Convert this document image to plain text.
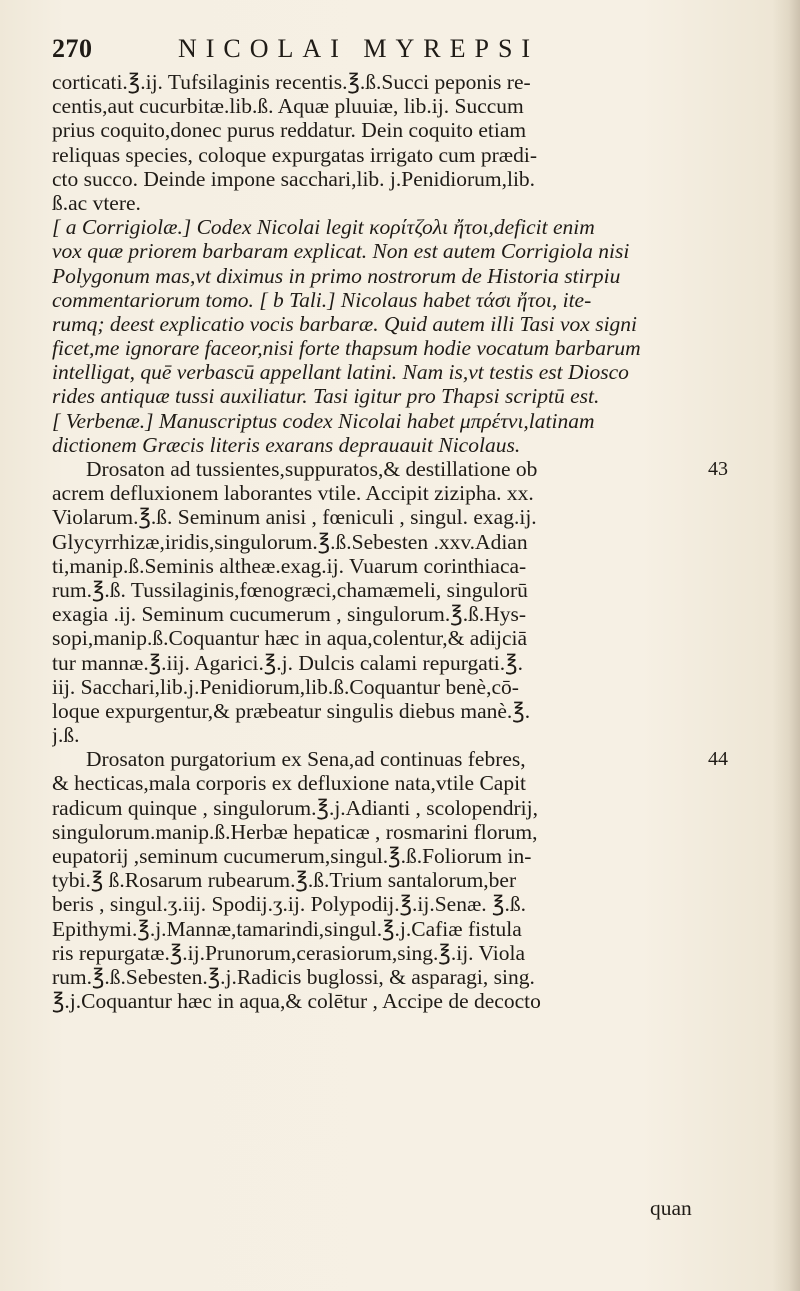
270	NICOLAI MYREPSI
corticati.℥.ij. Tufsilaginis recentis.℥.ß.Succi peponis re-
centis,aut cucurbitæ.lib.ß. Aquæ pluuiæ, lib.ij. Succum
prius coquito,donec purus reddatur. Dein coquito etiam
reliquas species, coloque expurgatas irrigato cum prædi-
cto succo. Deinde impone sacchari,lib. j.Penidiorum,lib.
ß.ac vtere.
[ a Corrigiolæ.] Codex Nicolai legit κορίτζολι ἤτοι,deficit enim
vox quæ priorem barbaram explicat. Non est autem Corrigiola nisi
Polygonum mas,vt diximus in primo nostrorum de Historia stirpiu
commentariorum tomo. [ b Tali.] Nicolaus habet τάσι ἤτοι, ite-
rumq; deest explicatio vocis barbaræ. Quid autem illi Tasi vox signi
ficet,me ignorare faceor,nisi forte thapsum hodie vocatum barbarum
intelligat, quē verbascū appellant latini. Nam is,vt testis est Diosco
rides antiquæ tussi auxiliatur. Tasi igitur pro Thapsi scriptū est.
[ Verbenæ.] Manuscriptus codex Nicolai habet μπρέτνι,latinam
dictionem Græcis literis exarans deprauauit Nicolaus.
Drosaton ad tussientes,suppuratos,& destillatione ob	43
acrem defluxionem laborantes vtile. Accipit zizipha. xx.
Violarum.℥.ß. Seminum anisi , fœniculi , singul. exag.ij.
Glycyrrhizæ,iridis,singulorum.℥.ß.Sebesten .xxv.Adian
ti,manip.ß.Seminis altheæ.exag.ij. Vuarum corinthiaca-
rum.℥.ß. Tussilaginis,fœnogræci,chamæmeli, singulorū
exagia .ij. Seminum cucumerum , singulorum.℥.ß.Hys-
sopi,manip.ß.Coquantur hæc in aqua,colentur,& adijciā
tur mannæ.℥.iij. Agarici.℥.j. Dulcis calami repurgati.℥.
iij. Sacchari,lib.j.Penidiorum,lib.ß.Coquantur benè,cō-
loque expurgentur,& præbeatur singulis diebus manè.℥.
j.ß.
Drosaton purgatorium ex Sena,ad continuas febres,	44
& hecticas,mala corporis ex defluxione nata,vtile Capit
radicum quinque , singulorum.℥.j.Adianti , scolopendrij,
singulorum.manip.ß.Herbæ hepaticæ , rosmarini florum,
eupatorij ,seminum cucumerum,singul.℥.ß.Foliorum in-
tybi.℥ ß.Rosarum rubearum.℥.ß.Trium santalorum,ber
beris , singul.ʒ.iij. Spodij.ʒ.ij. Polypodij.℥.ij.Senæ. ℥.ß.
Epithymi.℥.j.Mannæ,tamarindi,singul.℥.j.Cafiæ fistula
ris repurgatæ.℥.ij.Prunorum,cerasiorum,sing.℥.ij. Viola
rum.℥.ß.Sebesten.℥.j.Radicis buglossi, & asparagi, sing.
℥.j.Coquantur hæc in aqua,& colētur , Accipe de decocto
quan
